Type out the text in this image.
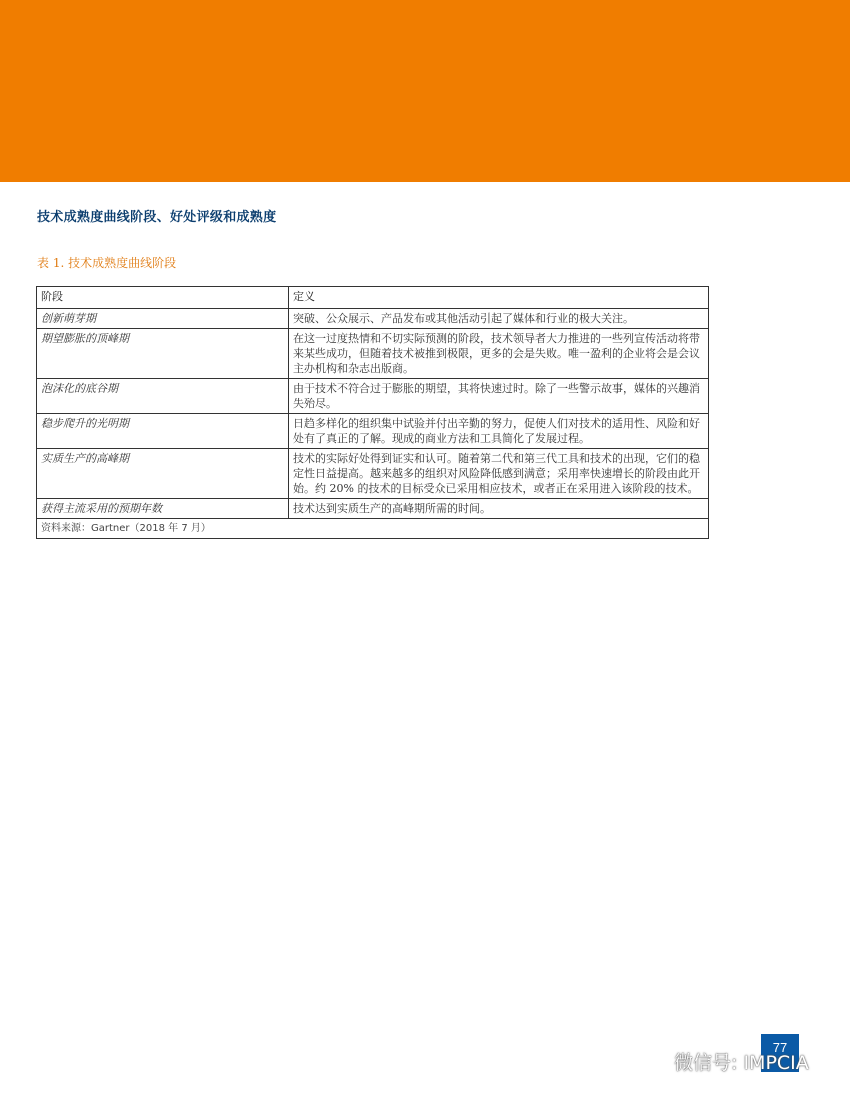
技术成熟度曲线阶段、好处评级和成熟度
表 1. 技术成熟度曲线阶段
阶段	定义
创新萌芽期	突破、公众展示、产品发布或其他活动引起了媒体和行业的极大关注。
期望膨胀的顶峰期	在这一过度热情和不切实际预测的阶段，技术领导者大力推进的一些列宣传活动将带来某些成功，但随着技术被推到极限，更多的会是失败。唯一盈利的企业将会是会议主办机构和杂志出版商。
泡沫化的底谷期	由于技术不符合过于膨胀的期望，其将快速过时。除了一些警示故事，媒体的兴趣消失殆尽。
稳步爬升的光明期	日趋多样化的组织集中试验并付出辛勤的努力，促使人们对技术的适用性、风险和好处有了真正的了解。现成的商业方法和工具简化了发展过程。
实质生产的高峰期	技术的实际好处得到证实和认可。随着第二代和第三代工具和技术的出现，它们的稳定性日益提高。越来越多的组织对风险降低感到满意；采用率快速增长的阶段由此开始。约 20% 的技术的目标受众已采用相应技术，或者正在采用进入该阶段的技术。
获得主流采用的预期年数	技术达到实质生产的高峰期所需的时间。
资料来源：Gartner（2018 年 7 月）	
77
微信号: IMPCIA
